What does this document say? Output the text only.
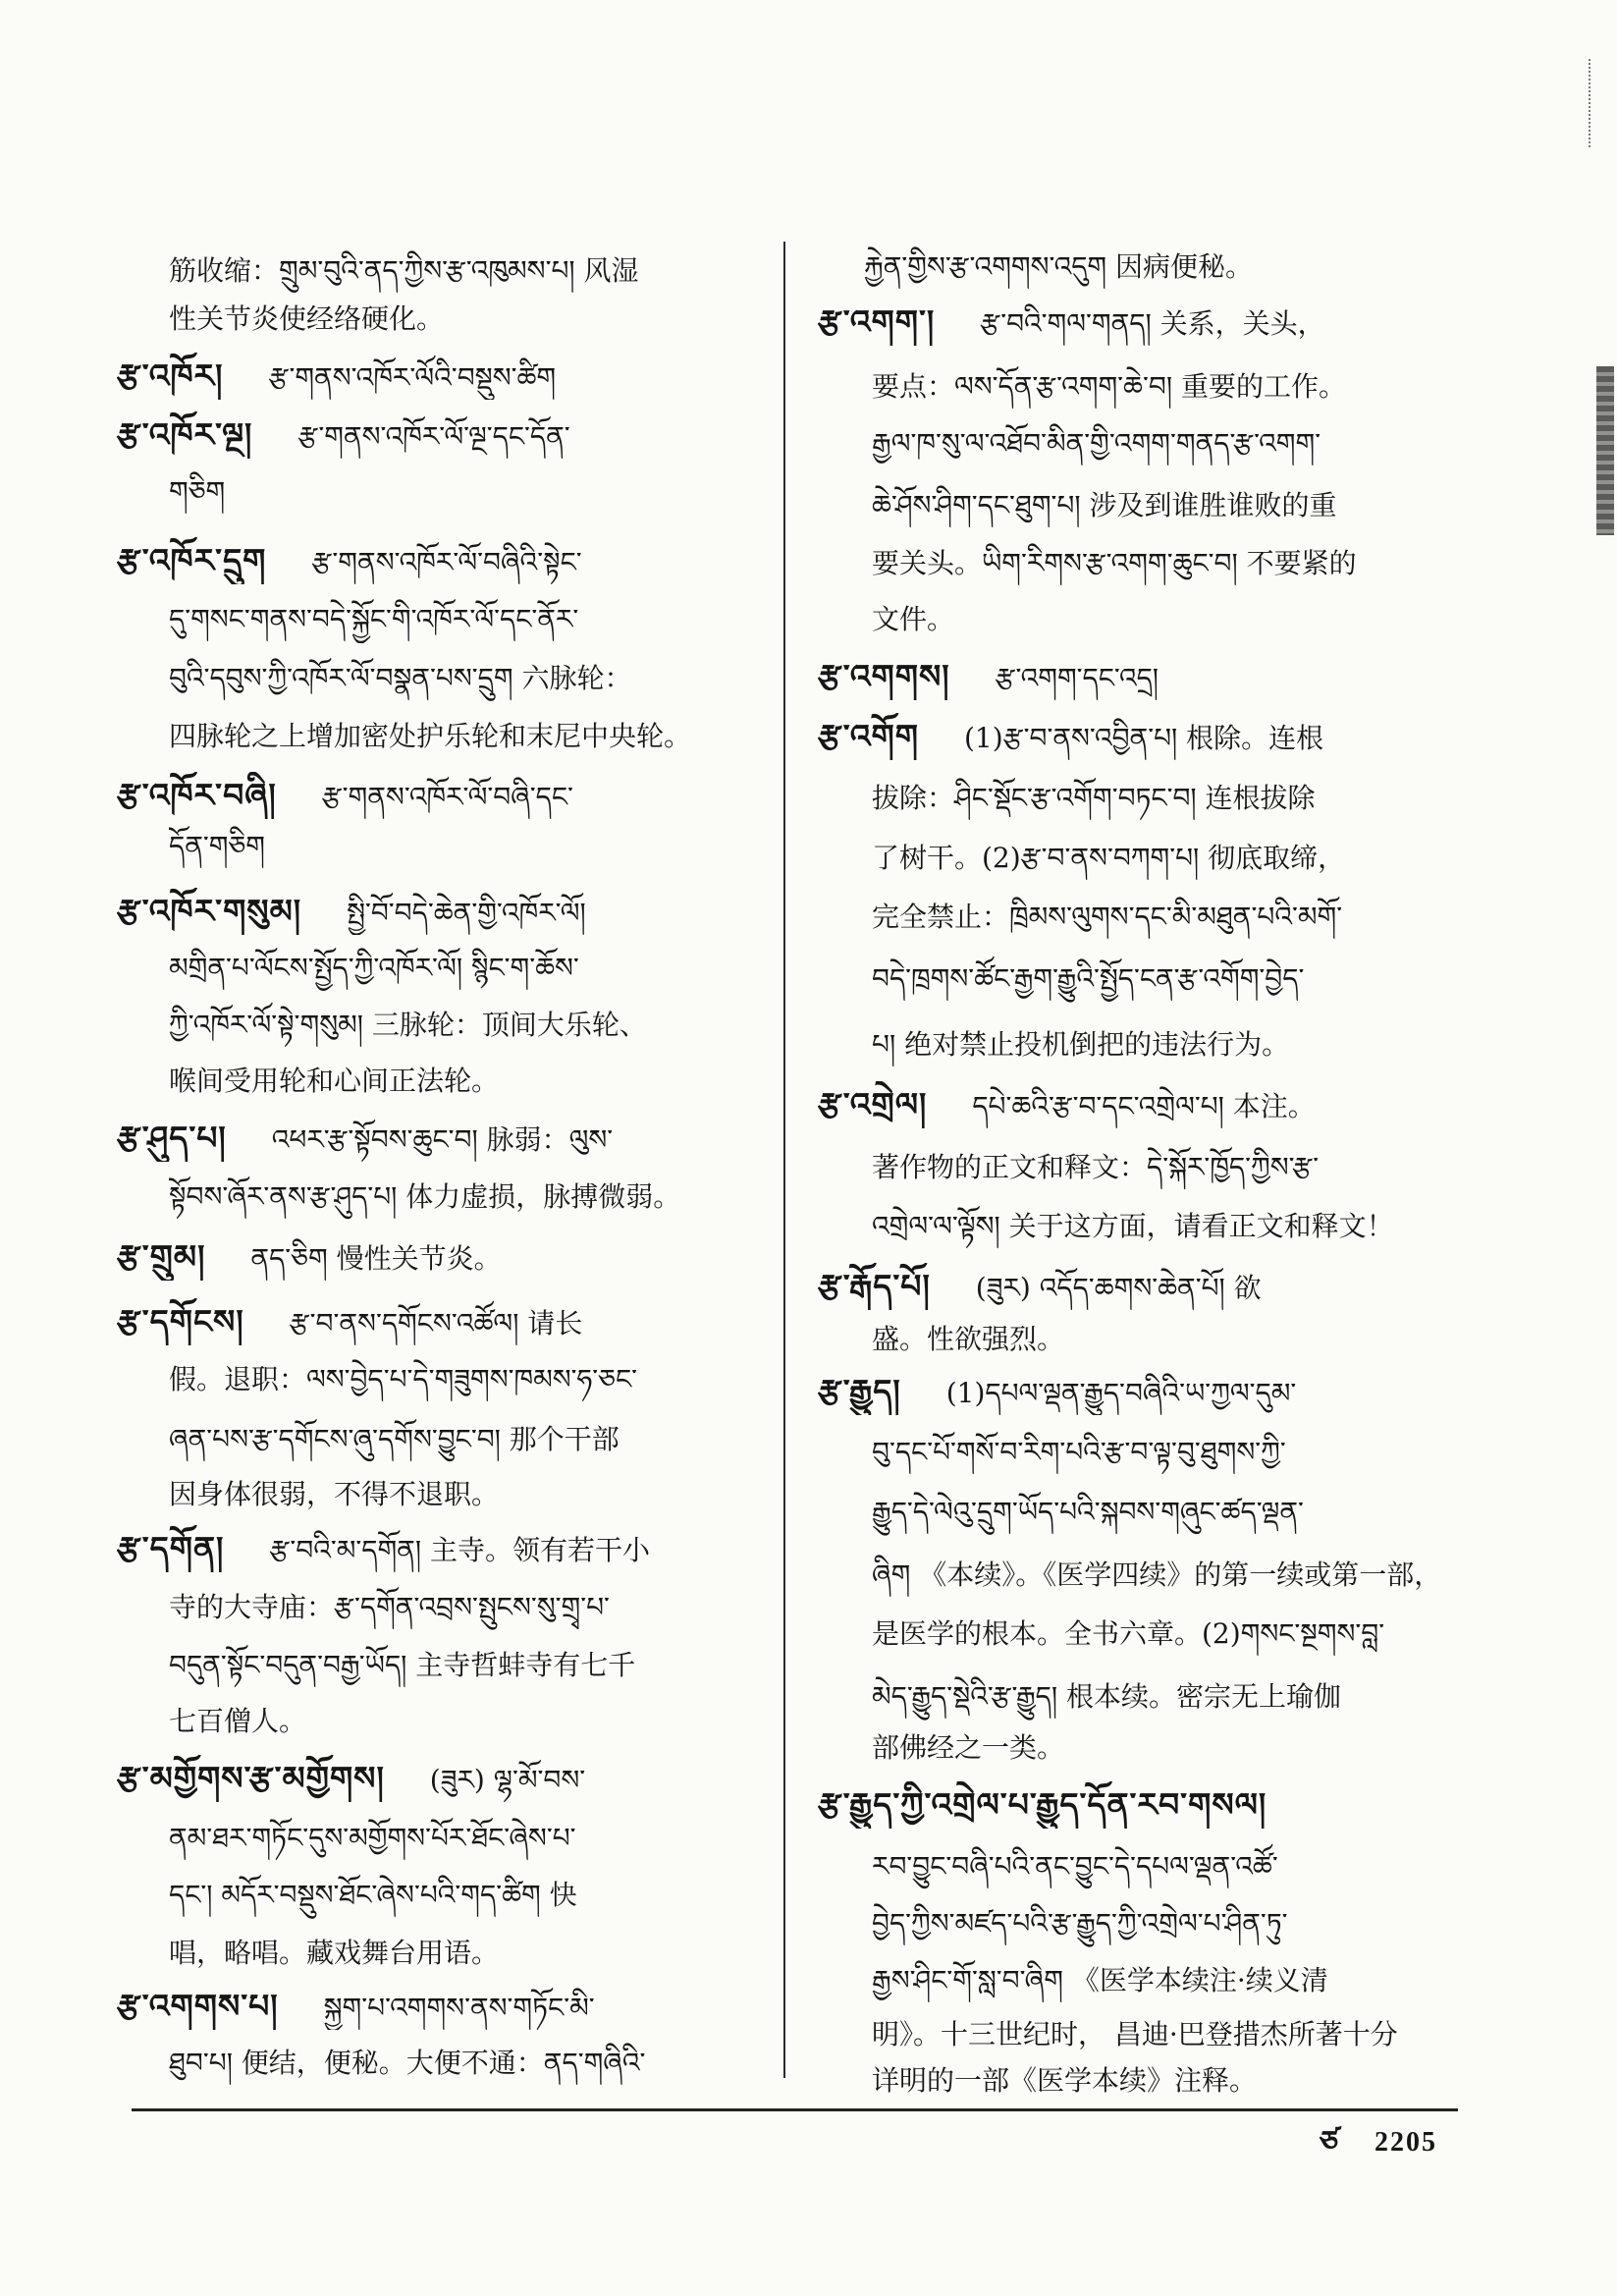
筋收缩：གྲུམ་བུའི་ནད་ཀྱིས་རྩ་འཁུམས་པ། 风湿
性关节炎使经络硬化。
རྩ་འཁོར། རྩ་གནས་འཁོར་ལོའི་བསྡུས་ཚིག
རྩ་འཁོར་ལྔ། རྩ་གནས་འཁོར་ལོ་ལྔ་དང་དོན་
གཅིག
རྩ་འཁོར་དྲུག རྩ་གནས་འཁོར་ལོ་བཞིའི་སྟེང་
དུ་གསང་གནས་བདེ་སྐྱོང་གི་འཁོར་ལོ་དང་ནོར་
བུའི་དབུས་ཀྱི་འཁོར་ལོ་བསྣན་པས་དྲུག 六脉轮：
四脉轮之上增加密处护乐轮和末尼中央轮。
རྩ་འཁོར་བཞི། རྩ་གནས་འཁོར་ལོ་བཞི་དང་
དོན་གཅིག
རྩ་འཁོར་གསུམ། སྤྱི་བོ་བདེ་ཆེན་གྱི་འཁོར་ལོ།
མགྲིན་པ་ལོངས་སྤྱོད་ཀྱི་འཁོར་ལོ། སྙིང་ག་ཆོས་
ཀྱི་འཁོར་ལོ་སྟེ་གསུམ། 三脉轮：顶间大乐轮、
喉间受用轮和心间正法轮。
རྩ་ཤུད་པ། འཕར་རྩ་སྟོབས་ཆུང་བ། 脉弱：ལུས་
སྟོབས་ཞོར་ནས་རྩ་ཤུད་པ། 体力虚损，脉搏微弱。
རྩ་གྲུམ། ནད་ཅིག 慢性关节炎。
རྩ་དགོངས། རྩ་བ་ནས་དགོངས་འཚོལ། 请长
假。退职：ལས་བྱེད་པ་དེ་གཟུགས་ཁམས་ཧ་ཅང་
ཞན་པས་རྩ་དགོངས་ཞུ་དགོས་བྱུང་བ། 那个干部
因身体很弱，不得不退职。
རྩ་དགོན། རྩ་བའི་མ་དགོན། 主寺。领有若干小
寺的大寺庙：རྩ་དགོན་འབྲས་སྤུངས་སུ་གྲྭ་པ་
བདུན་སྟོང་བདུན་བརྒྱ་ཡོད། 主寺哲蚌寺有七千
七百僧人。
རྩ་མགྱོགས་རྩ་མགྱོགས། (ཟུར) ལྷ་མོ་བས་
ནམ་ཐར་གཏོང་དུས་མགྱོགས་པོར་ཐོང་ཞེས་པ་
དང་། མདོར་བསྡུས་ཐོང་ཞེས་པའི་གད་ཚིག 快
唱，略唱。藏戏舞台用语。
རྩ་འགགས་པ། སྐྱག་པ་འགགས་ནས་གཏོང་མི་
ཐུབ་པ། 便结，便秘。大便不通：ནད་གཞིའི་
རྐྱེན་གྱིས་རྩ་འགགས་འདུག 因病便秘。
རྩ་འགག་། རྩ་བའི་གལ་གནད། 关系，关头，
要点：ལས་དོན་རྩ་འགག་ཆེ་བ། 重要的工作。
རྒྱལ་ཁ་སུ་ལ་འཐོབ་མིན་གྱི་འགག་གནད་རྩ་འགག་
ཆེ་ཤོས་ཤིག་དང་ཐུག་པ། 涉及到谁胜谁败的重
要关头。ཡིག་རིགས་རྩ་འགག་ཆུང་བ། 不要紧的
文件。
རྩ་འགགས། རྩ་འགག་དང་འདྲ།
རྩ་འགོག (1)རྩ་བ་ནས་འབྱིན་པ། 根除。连根
拔除：ཤིང་སྡོང་རྩ་འགོག་བཏང་བ། 连根拔除
了树干。(2)རྩ་བ་ནས་བཀག་པ། 彻底取缔，
完全禁止：ཁྲིམས་ལུགས་དང་མི་མཐུན་པའི་མགོ་
བདེ་ཁྲགས་ཚོང་རྒྱག་རྒྱུའི་སྤྱོད་ངན་རྩ་འགོག་བྱེད་
པ། 绝对禁止投机倒把的违法行为。
རྩ་འགྲེལ། དཔེ་ཆའི་རྩ་བ་དང་འགྲེལ་པ། 本注。
著作物的正文和释文：དེ་སྐོར་ཁྱོད་ཀྱིས་རྩ་
འགྲེལ་ལ་ལྟོས། 关于这方面，请看正文和释文！
རྩ་རྒོད་པོ། (ཟུར) འདོད་ཆགས་ཆེན་པོ། 欲
盛。性欲强烈。
རྩ་རྒྱུད། (1)དཔལ་ལྡན་རྒྱུད་བཞིའི་ཡ་ཀྱལ་དུམ་
བུ་དང་པོ་གསོ་བ་རིག་པའི་རྩ་བ་ལྟ་བུ་ཐུགས་ཀྱི་
རྒྱུད་དེ་ལེའུ་དྲུག་ཡོད་པའི་སྐབས་གཞུང་ཚད་ལྡན་
ཞིག 《本续》。《医学四续》的第一续或第一部，
是医学的根本。全书六章。(2)གསང་སྔགས་བླ་
མེད་རྒྱུད་སྡེའི་རྩ་རྒྱུད། 根本续。密宗无上瑜伽
部佛经之一类。
རྩ་རྒྱུད་ཀྱི་འགྲེལ་པ་རྒྱུད་དོན་རབ་གསལ།
རབ་བྱུང་བཞི་པའི་ནང་བྱུང་དེ་དཔལ་ལྡན་འཚོ་
བྱེད་ཀྱིས་མཛད་པའི་རྩ་རྒྱུད་ཀྱི་འགྲེལ་པ་ཤིན་ཏུ་
རྒྱས་ཤིང་གོ་སླ་བ་ཞིག 《医学本续注·续义清
明》。十三世纪时， 昌迪·巴登措杰所著十分
详明的一部《医学本续》注释。
ཙ 2205
